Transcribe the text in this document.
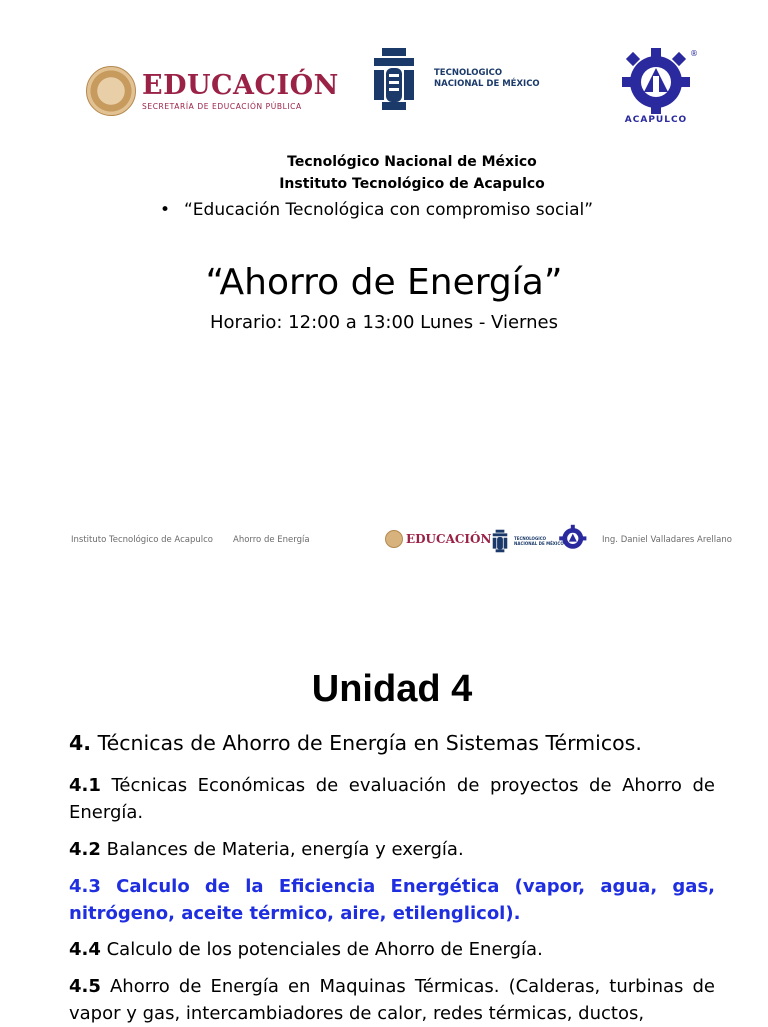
EDUCACIÓN
SECRETARÍA DE EDUCACIÓN PÚBLICA
TECNOLOGICO
NACIONAL DE MÉXICO
ACAPULCO
®
Tecnológico Nacional de México
Instituto Tecnológico de Acapulco
• “Educación Tecnológica con compromiso social”
“Ahorro de Energía”
Horario: 12:00 a 13:00 Lunes - Viernes
Instituto Tecnológico de Acapulco Ahorro de Energía	EDUCACIÓN	TECNOLOGICO
NACIONAL DE MÉXICO	Ing. Daniel Valladares Arellano
Unidad 4
4. Técnicas de Ahorro de Energía en Sistemas Térmicos.
4.1 Técnicas Económicas de evaluación de proyectos de Ahorro de Energía.
4.2 Balances de Materia, energía y exergía.
4.3 Calculo de la Eficiencia Energética (vapor, agua, gas, nitrógeno, aceite térmico, aire, etilenglicol).
4.4 Calculo de los potenciales de Ahorro de Energía.
4.5 Ahorro de Energía en Maquinas Térmicas. (Calderas, turbinas de vapor y gas, intercambiadores de calor, redes térmicas, ductos,
